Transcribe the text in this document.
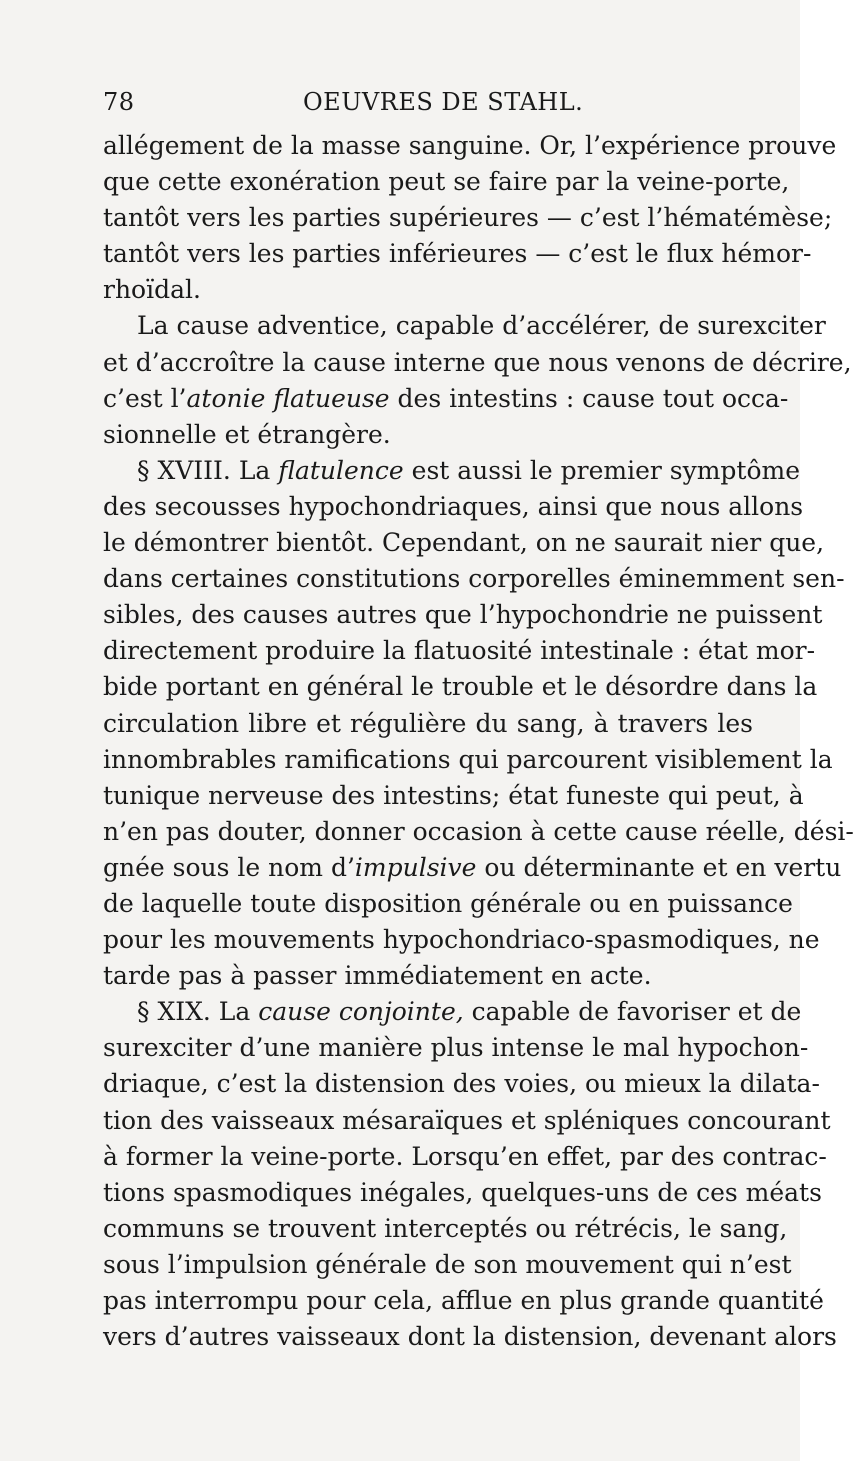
78	OEUVRES DE STAHL.
allégement de la masse sanguine. Or, l’expérience prouve
que cette exonération peut se faire par la veine-porte,
tantôt vers les parties supérieures — c’est l’hématémèse;
tantôt vers les parties inférieures — c’est le flux hémor-
rhoïdal.
La cause adventice, capable d’accélérer, de surexciter
et d’accroître la cause interne que nous venons de décrire,
c’est l’atonie flatueuse des intestins : cause tout occa-
sionnelle et étrangère.
§ XVIII. La flatulence est aussi le premier symptôme
des secousses hypochondriaques, ainsi que nous allons
le démontrer bientôt. Cependant, on ne saurait nier que,
dans certaines constitutions corporelles éminemment sen-
sibles, des causes autres que l’hypochondrie ne puissent
directement produire la flatuosité intestinale : état mor-
bide portant en général le trouble et le désordre dans la
circulation libre et régulière du sang, à travers les
innombrables ramifications qui parcourent visiblement la
tunique nerveuse des intestins; état funeste qui peut, à
n’en pas douter, donner occasion à cette cause réelle, dési-
gnée sous le nom d’impulsive ou déterminante et en vertu
de laquelle toute disposition générale ou en puissance
pour les mouvements hypochondriaco-spasmodiques, ne
tarde pas à passer immédiatement en acte.
§ XIX. La cause conjointe, capable de favoriser et de
surexciter d’une manière plus intense le mal hypochon-
driaque, c’est la distension des voies, ou mieux la dilata-
tion des vaisseaux mésaraïques et spléniques concourant
à former la veine-porte. Lorsqu’en effet, par des contrac-
tions spasmodiques inégales, quelques-uns de ces méats
communs se trouvent interceptés ou rétrécis, le sang,
sous l’impulsion générale de son mouvement qui n’est
pas interrompu pour cela, afflue en plus grande quantité
vers d’autres vaisseaux dont la distension, devenant alors
